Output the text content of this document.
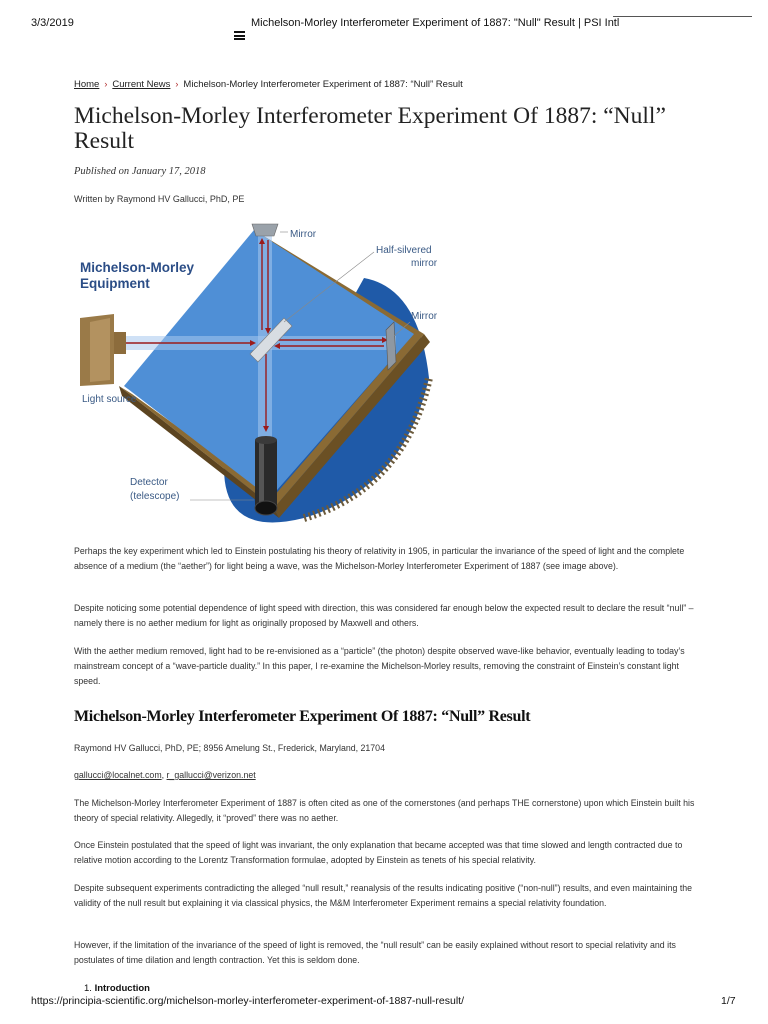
3/3/2019	Michelson-Morley Interferometer Experiment of 1887: "Null" Result | PSI Intl
Home › Current News › Michelson-Morley Interferometer Experiment of 1887: “Null” Result
Michelson-Morley Interferometer Experiment Of 1887: “Null” Result
Published on January 17, 2018
Written by Raymond HV Gallucci, PhD, PE
Michelson-Morley
Equipment
Mirror
Half-silvered
mirror
Mirror
Light source
Detector
(telescope)

Perhaps the key experiment which led to Einstein postulating his theory of relativity in 1905, in particular the invariance of the speed of light and the complete absence of a medium (the “aether”) for light being a wave, was the Michelson-Morley Interferometer Experiment of 1887 (see image above).

Despite noticing some potential dependence of light speed with direction, this was considered far enough below the expected result to declare the result “null” – namely there is no aether medium for light as originally proposed by Maxwell and others.

With the aether medium removed, light had to be re-envisioned as a “particle” (the photon) despite observed wave-like behavior, eventually leading to today’s mainstream concept of a “wave-particle duality.” In this paper, I re-examine the Michelson-Morley results, removing the constraint of Einstein’s constant light speed.

Michelson-Morley Interferometer Experiment Of 1887: “Null” Result

Raymond HV Gallucci, PhD, PE; 8956 Amelung St., Frederick, Maryland, 21704

gallucci@localnet.com, r_gallucci@verizon.net

The Michelson-Morley Interferometer Experiment of 1887 is often cited as one of the cornerstones (and perhaps THE cornerstone) upon which Einstein built his theory of special relativity. Allegedly, it “proved” there was no aether.

Once Einstein postulated that the speed of light was invariant, the only explanation that became accepted was that time slowed and length contracted due to relative motion according to the Lorentz Transformation formulae, adopted by Einstein as tenets of his special relativity.

Despite subsequent experiments contradicting the alleged “null result,” reanalysis of the results indicating positive (“non-null”) results, and even maintaining the validity of the null result but explaining it via classical physics, the M&M Interferometer Experiment remains a special relativity foundation.

However, if the limitation of the invariance of the speed of light is removed, the “null result” can be easily explained without resort to special relativity and its postulates of time dilation and length contraction. Yet this is seldom done.

1. Introduction
https://principia-scientific.org/michelson-morley-interferometer-experiment-of-1887-null-result/	1/7
